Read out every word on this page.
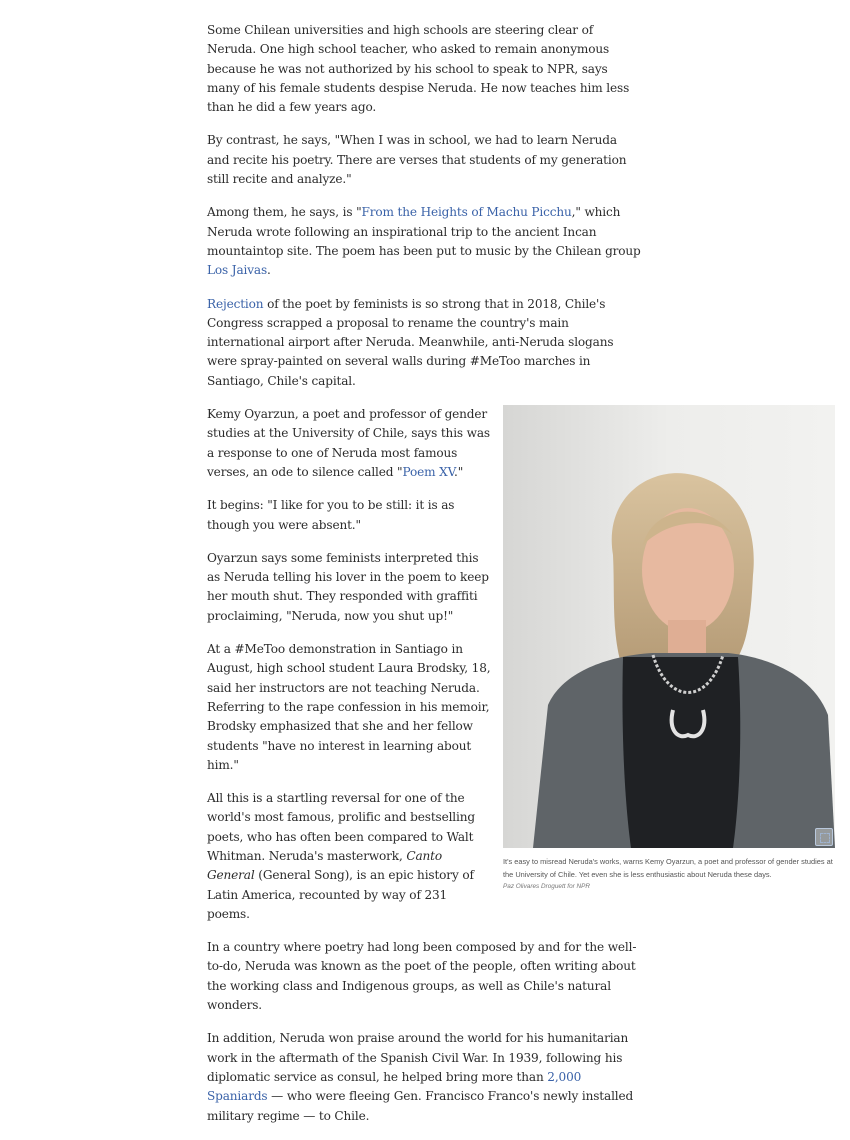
Some Chilean universities and high schools are steering clear of Neruda. One high school teacher, who asked to remain anonymous because he was not authorized by his school to speak to NPR, says many of his female students despise Neruda. He now teaches him less than he did a few years ago.

By contrast, he says, "When I was in school, we had to learn Neruda and recite his poetry. There are verses that students of my generation still recite and analyze."

Among them, he says, is "From the Heights of Machu Picchu," which Neruda wrote following an inspirational trip to the ancient Incan mountaintop site. The poem has been put to music by the Chilean group Los Jaivas.

Rejection of the poet by feminists is so strong that in 2018, Chile's Congress scrapped a proposal to rename the country's main international airport after Neruda. Meanwhile, anti-Neruda slogans were spray-painted on several walls during #MeToo marches in Santiago, Chile's capital.

It's easy to misread Neruda's works, warns Kemy Oyarzun, a poet and professor of gender studies at the University of Chile. Yet even she is less enthusiastic about Neruda these days.
Paz Olivares Droguett for NPR

Kemy Oyarzun, a poet and professor of gender studies at the University of Chile, says this was a response to one of Neruda most famous verses, an ode to silence called "Poem XV."

It begins: "I like for you to be still: it is as though you were absent."

Oyarzun says some feminists interpreted this as Neruda telling his lover in the poem to keep her mouth shut. They responded with graffiti proclaiming, "Neruda, now you shut up!"

At a #MeToo demonstration in Santiago in August, high school student Laura Brodsky, 18, said her instructors are not teaching Neruda. Referring to the rape confession in his memoir, Brodsky emphasized that she and her fellow students "have no interest in learning about him."

All this is a startling reversal for one of the world's most famous, prolific and bestselling poets, who has often been compared to Walt Whitman. Neruda's masterwork, Canto General (General Song), is an epic history of Latin America, recounted by way of 231 poems.

In a country where poetry had long been composed by and for the well-to-do, Neruda was known as the poet of the people, often writing about the working class and Indigenous groups, as well as Chile's natural wonders.

In addition, Neruda won praise around the world for his humanitarian work in the aftermath of the Spanish Civil War. In 1939, following his diplomatic service as consul, he helped bring more than 2,000 Spaniards — who were fleeing Gen. Francisco Franco's newly installed military regime — to Chile.
